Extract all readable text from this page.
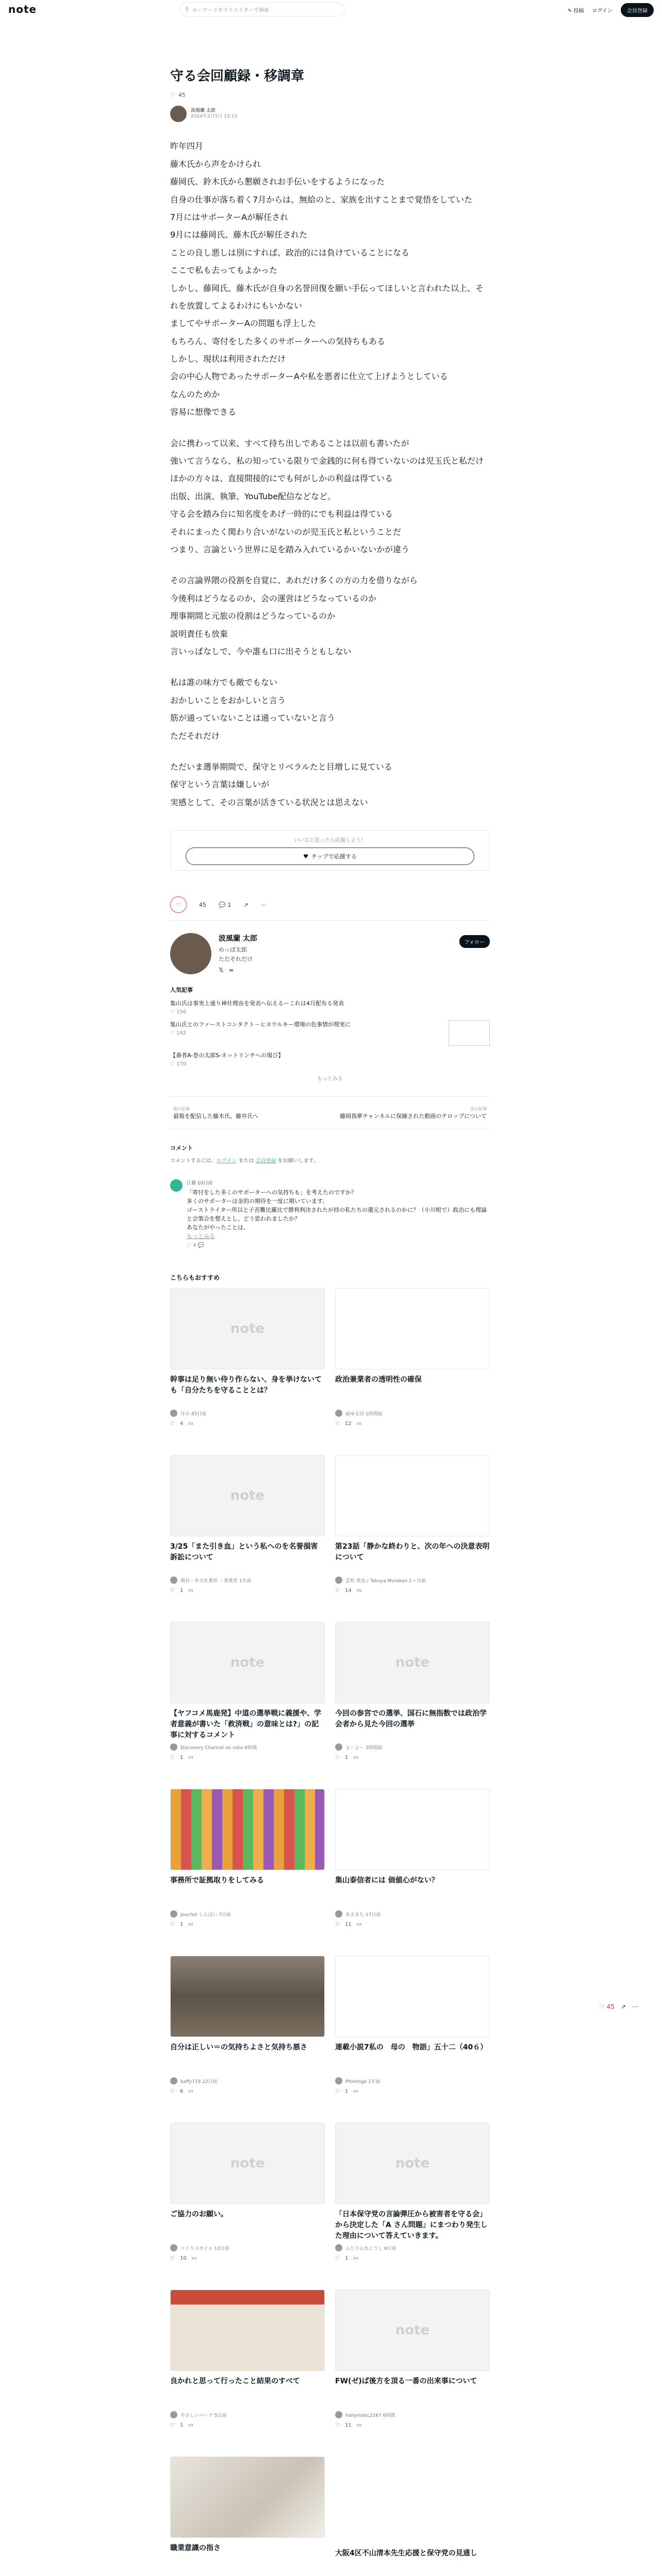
note	⚲ キーワードやクリエイターで検索	✎ 投稿 ログイン	会員登録
守る会回顧録・移調章
♡ 45
波風蘭 太郎
2024年2月5日 12:15

昨年四月

藤木氏から声をかけられ

藤岡氏、鈴木氏から懇願されお手伝いをするようになった

自身の仕事が落ち着く7月からは、無給のと、家族を出すことまで覚悟をしていた

7月にはサポーターAが解任され

9月には藤岡氏、藤木氏が解任された

ことの良し悪しは別にすれば、政治的には負けていることになる

ここで私も去ってもよかった

しかし、藤岡氏、藤木氏が自身の名誉回復を願い手伝ってほしいと言われた以上、それを放置してよるわけにもいかない

ましてやサポーターAの問題も浮上した

もちろん、寄付をした多くのサポーターへの気持ちもある

しかし、現状は利用されただけ

会の中心人物であったサポーターAや私を悪者に仕立て上げようとしている

なんのためか

容易に想像できる

会に携わって以来、すべて持ち出しであることは以前も書いたが

強いて言うなら、私の知っている限りで金銭的に何も得ていないのは児玉氏と私だけ

ほかの方々は、直接間接的にでも何がしかの利益は得ている

出版、出演、執筆、YouTube配信などなど。

守る会を踏み台に知名度をあげ一時的にでも利益は得ている

それにまったく関わり合いがないのが児玉氏と私ということだ

つまり、言論という世界に足を踏み入れているかいないかが違う

その言論界隈の役割を自覚に、あれだけ多くの方の力を借りながら

今後利はどうなるのか、会の運営はどうなっているのか

理事期間と元旅の役割はどうなっているのか

説明責任も放棄

言いっぱなしで、今や誰も口に出そうともしない

私は誰の味方でも敵でもない

おかしいことをおかしいと言う

筋が通っていないことは通っていないと言う

ただそれだけ

ただいま選挙期間で、保守とリベラルたと目増しに見ている

保守という言葉は嫌しいが

実感として、その言葉が活きている状況とは思えない

いいなと思ったら応援しよう！
♥ チップで応援する
♡	45 💬 1 ↗ ⋯
波風蘭 太郎
めっぱ太郎
ただそれだけ
𝕏 ≈
フォロー
人気記事
集山氏は事実上通り神社理由を発表へ伝えるーこれは4月配布る発表
♡ 156
集山氏とのファーストコンタクト－ヒヨウルキー環境の色事情が理実に
♡ 142
【番者A-巻の太郎S-ネットリンチへの場び】
♡ 170
もっとみる
前の記事
最報を配信した藤木氏、藤井氏へ
次の記事
藤岡我夢チャンネルに保線された動画のテロップについて
コメント
コメントするには、ログイン または 会員登録 をお願いします。
江藤 10日前
「寄付をした多くのサポーターへの気持ちも」を考えたのですか？
多くのサポーターは金的の期待を一度に期いています。
ゴーストライター所以と子苦難比羅比で勝利利決されたが持の私たちの還元されるのかに？（小川根で）政治にも理論と会策合を整えとし、どう思われましたか？
あなたがやったことは、
もっとみる
♡ 4 💬
こちらもおすすめ
note
幹事は足り無い侍り作らない、身を挙けないても「自分たちを守ることとは？
月の 45日前
♡ 4 ▭
政治兼業者の透明性の確保
緑ゆる団 1時間前
♡ 12 ▭
note
3/25「また引き血」という私へのを名誉損害訴訟について
鳩谷・弁天社業所 ・事業者 1年前
♡ 1 ▭
第23話「静かな終わりと、次の年への決意表明について
雲松 英也 / Takuya Murakan 1ヶ月前
♡ 14 ▭
note
【ヤフコメ馬鹿発】中道の選挙戦に義援や、学者意義が書いた「救済戦」の意味とは?」の記事に対するコメント
Discovery Channel on note 6時間
♡ 1 ▭
note
今回の参宮での選挙、国石に無指数では政治学会者から見た今回の選挙
よーよー 3時間前
♡ 1 ▭
事務所で証拠取りをしてみる
Jouchel しんぱい 7日前
♡ 1 ▭
集山泰信者には 価値心がない？
あさまた 17日前
♡ 11 ▭
自分は正しい＝の気持ちよさと気持ち悪さ
kaffy719 22日前
♡ 6 ▭
連載小説7私の　母の　物語」五十二（40６）
PHAntige 1年前
♡ 1 ▭
note
ご協力のお願い。
コくりスカイル 13日前
♡ 10 ▭
note
「日本保守党の言論弾圧から被害者を守る会」から決定した「A さん問題」にまつわり発生した理由について答えていきます。
ふたりんれとうし 6日前
♡ 1 ▭
良かれと思って行ったこと結果のすべて
やさしいパーク 5日前
♡ 1 ▭
note
FW(ゼ)ば後方を頂る一番の出来事について
hallymatic2167 6時間
♡ 11 ▭
職業意識の指さ
大阪4区不山清本先生応援と保守党の見通し
♡ 45 ↗ ⋯
